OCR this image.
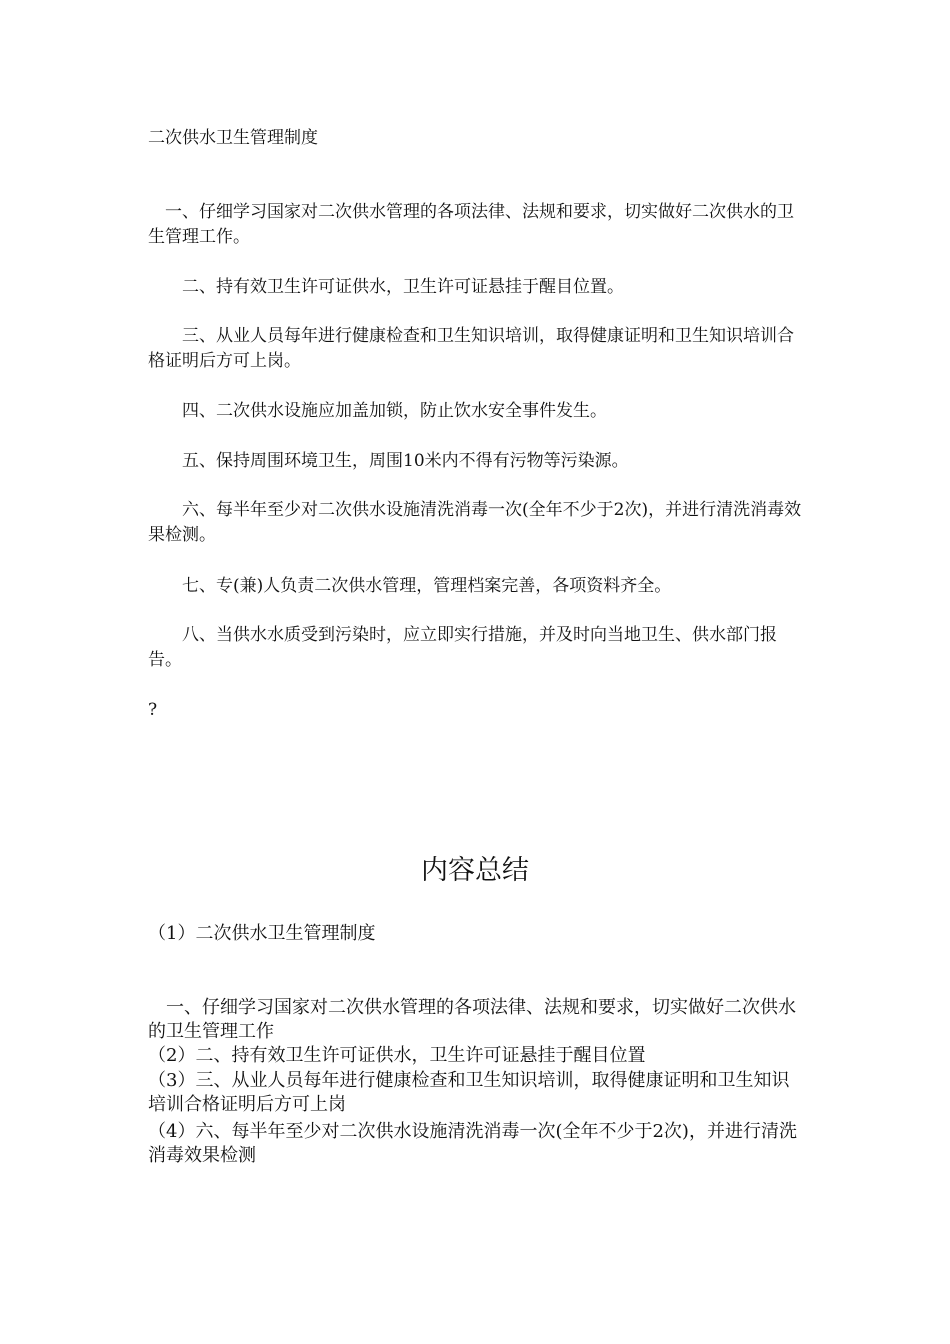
二次供水卫生管理制度

　一、仔细学习国家对二次供水管理的各项法律、法规和要求，切实做好二次供水的卫生管理工作。

　　二、持有效卫生许可证供水，卫生许可证悬挂于醒目位置。

　　三、从业人员每年进行健康检查和卫生知识培训，取得健康证明和卫生知识培训合格证明后方可上岗。

　　四、二次供水设施应加盖加锁，防止饮水安全事件发生。

　　五、保持周围环境卫生，周围10米内不得有污物等污染源。

　　六、每半年至少对二次供水设施清洗消毒一次(全年不少于2次)，并进行清洗消毒效果检测。

　　七、专(兼)人负责二次供水管理，管理档案完善，各项资料齐全。

　　八、当供水水质受到污染时，应立即实行措施，并及时向当地卫生、供水部门报告。

?

内容总结

（1）二次供水卫生管理制度

　一、仔细学习国家对二次供水管理的各项法律、法规和要求，切实做好二次供水的卫生管理工作

（2）二、持有效卫生许可证供水，卫生许可证悬挂于醒目位置

（3）三、从业人员每年进行健康检查和卫生知识培训，取得健康证明和卫生知识培训合格证明后方可上岗

（4）六、每半年至少对二次供水设施清洗消毒一次(全年不少于2次)，并进行清洗消毒效果检测
